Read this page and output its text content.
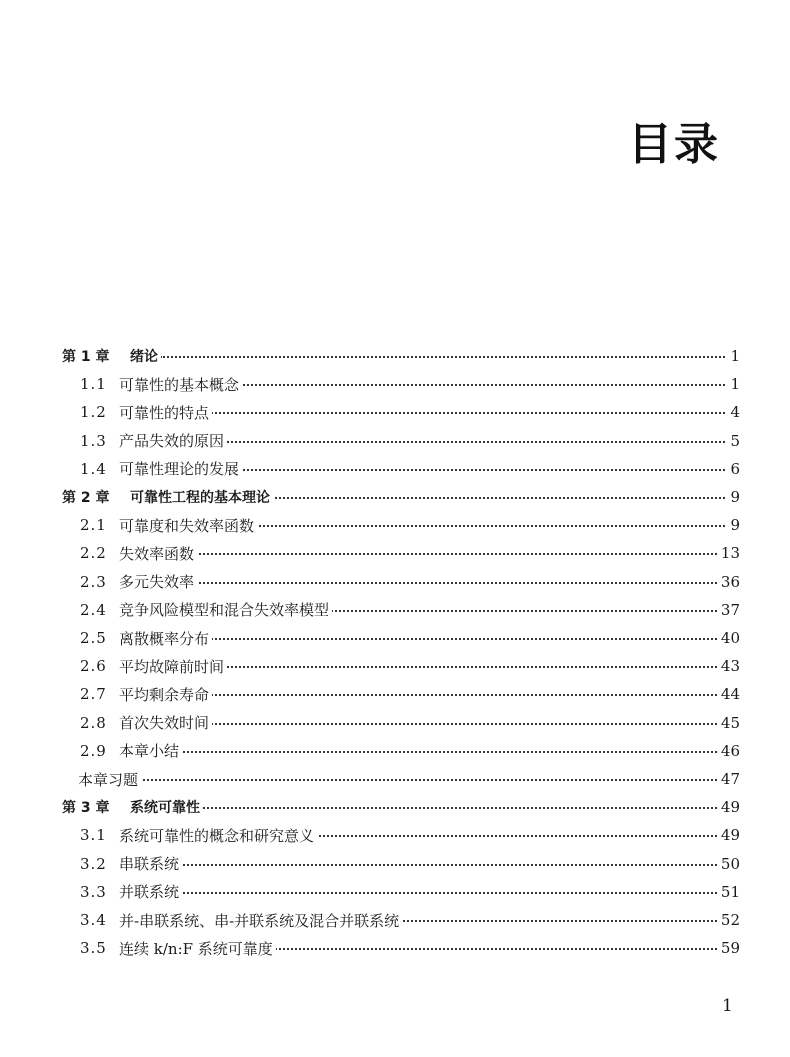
目录
第 1 章 绪论	1
1.1 可靠性的基本概念	1
1.2 可靠性的特点	4
1.3 产品失效的原因	5
1.4 可靠性理论的发展	6
第 2 章 可靠性工程的基本理论	9
2.1 可靠度和失效率函数	9
2.2 失效率函数	13
2.3 多元失效率	36
2.4 竞争风险模型和混合失效率模型	37
2.5 离散概率分布	40
2.6 平均故障前时间	43
2.7 平均剩余寿命	44
2.8 首次失效时间	45
2.9 本章小结	46
本章习题	47
第 3 章 系统可靠性	49
3.1 系统可靠性的概念和研究意义	49
3.2 串联系统	50
3.3 并联系统	51
3.4 并-串联系统、串-并联系统及混合并联系统	52
3.5 连续 k/n:F 系统可靠度	59
1
